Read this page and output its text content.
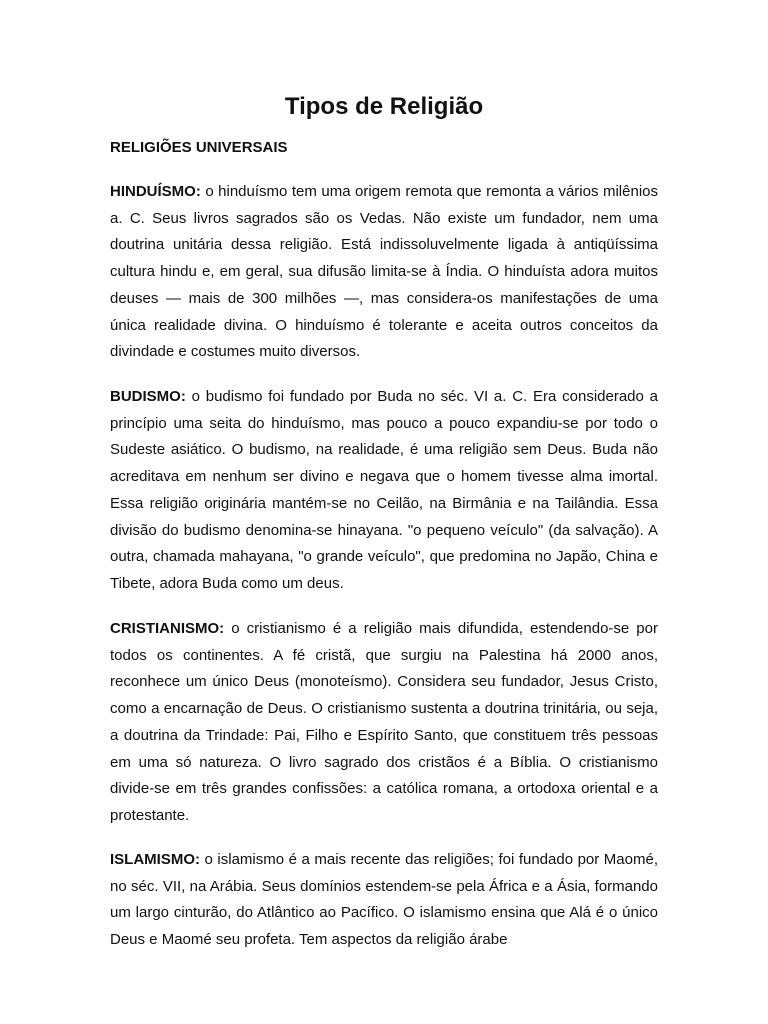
Tipos de Religião
RELIGIÕES UNIVERSAIS

HINDUÍSMO: o hinduísmo tem uma origem remota que remonta a vários milênios a. C. Seus livros sagrados são os Vedas. Não existe um fundador, nem uma doutrina unitária dessa religião. Está indissoluvelmente ligada à antiqüíssima cultura hindu e, em geral, sua difusão limita-se à Índia. O hinduísta adora muitos deuses — mais de 300 milhões —, mas considera-os manifestações de uma única realidade divina. O hinduísmo é tolerante e aceita outros conceitos da divindade e costumes muito diversos.

BUDISMO: o budismo foi fundado por Buda no séc. VI a. C. Era considerado a princípio uma seita do hinduísmo, mas pouco a pouco expandiu-se por todo o Sudeste asiático. O budismo, na realidade, é uma religião sem Deus. Buda não acreditava em nenhum ser divino e negava que o homem tivesse alma imortal. Essa religião originária mantém-se no Ceilão, na Birmânia e na Tailândia. Essa divisão do budismo denomina-se hinayana. "o pequeno veículo" (da salvação). A outra, chamada mahayana, "o grande veículo", que predomina no Japão, China e Tibete, adora Buda como um deus.

CRISTIANISMO: o cristianismo é a religião mais difundida, estendendo-se por todos os continentes. A fé cristã, que surgiu na Palestina há 2000 anos, reconhece um único Deus (monoteísmo). Considera seu fundador, Jesus Cristo, como a encarnação de Deus. O cristianismo sustenta a doutrina trinitária, ou seja, a doutrina da Trindade: Pai, Filho e Espírito Santo, que constituem três pessoas em uma só natureza. O livro sagrado dos cristãos é a Bíblia. O cristianismo divide-se em três grandes confissões: a católica romana, a ortodoxa oriental e a protestante.

ISLAMISMO: o islamismo é a mais recente das religiões; foi fundado por Maomé, no séc. VII, na Arábia. Seus domínios estendem-se pela África e a Ásia, formando um largo cinturão, do Atlântico ao Pacífico. O islamismo ensina que Alá é o único Deus e Maomé seu profeta. Tem aspectos da religião árabe
